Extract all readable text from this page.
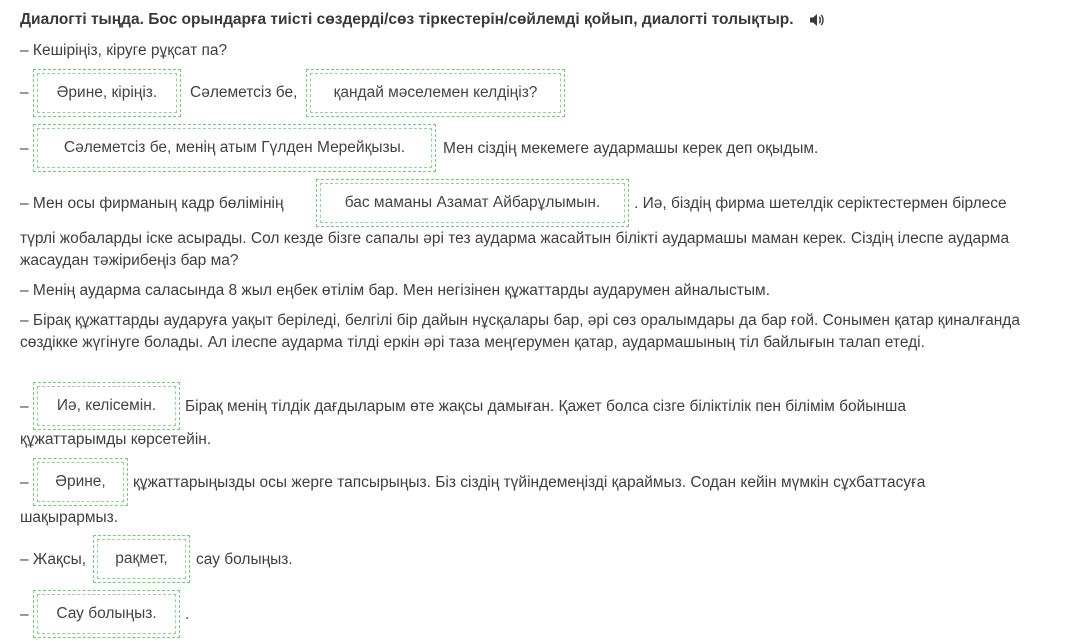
Диалогті тыңда. Бос орындарға тиісті сөздерді/сөз тіркестерін/сөйлемді қойып, диалогті толықтыр.
– Кешіріңіз, кіруге рұқсат па?
–	Әрине, кіріңіз.	Сәлеметсіз бе,	қандай мәселемен келдіңіз?
–	Сәлеметсіз бе, менің атым Гүлден Мерейқызы.	Мен сіздің мекемеге аудармашы керек деп оқыдым.
– Мен осы фирманың кадр бөлімінің	бас маманы Азамат Айбарұлымын.	. Иә, біздің фирма шетелдік серіктестермен бірлесе
түрлі жобаларды іске асырады. Сол кезде бізге сапалы әрі тез аударма жасайтын білікті аудармашы маман керек. Сіздің ілеспе аударма жасаудан тәжірибеңіз бар ма?
– Менің аударма саласында 8 жыл еңбек өтілім бар. Мен негізінен құжаттарды аударумен айналыстым.
– Бірақ құжаттарды аударуға уақыт беріледі, белгілі бір дайын нұсқалары бар, әрі сөз оралымдары да бар ғой. Сонымен қатар қиналғанда сөздікке жүгінуге болады. Ал ілеспе аударма тілді еркін әрі таза меңгерумен қатар, аудармашының тіл байлығын талап етеді.
–	Иә, келісемін.	Бірақ менің тілдік дағдыларым өте жақсы дамыған. Қажет болса сізге біліктілік пен білімім бойынша
құжаттарымды көрсетейін.
–	Әрине,	құжаттарыңызды осы жерге тапсырыңыз. Біз сіздің түйіндемеңізді қараймыз. Содан кейін мүмкін сұхбаттасуға
шақырармыз.
– Жақсы,	рақмет,	сау болыңыз.
–	Сау болыңыз.	.
